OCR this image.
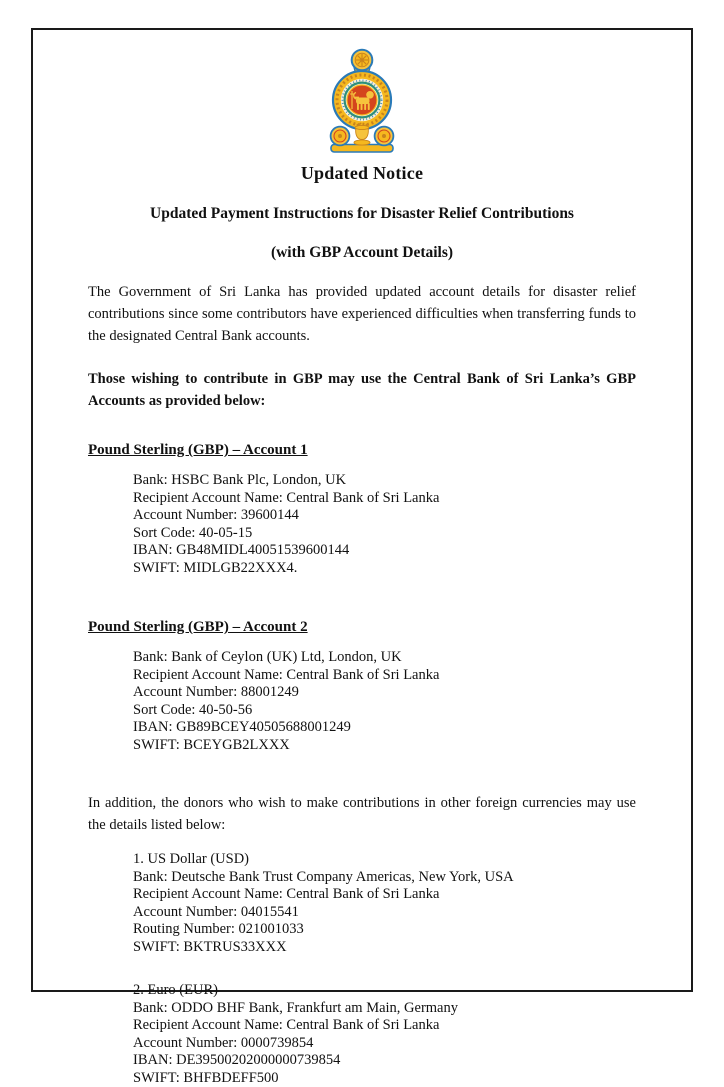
Updated Notice
Updated Payment Instructions for Disaster Relief Contributions
(with GBP Account Details)

The Government of Sri Lanka has provided updated account details for disaster relief contributions since some contributors have experienced difficulties when transferring funds to the designated Central Bank accounts.

Those wishing to contribute in GBP may use the Central Bank of Sri Lanka’s GBP Accounts as provided below:

Pound Sterling (GBP) – Account 1
Bank: HSBC Bank Plc, London, UK
Recipient Account Name: Central Bank of Sri Lanka
Account Number: 39600144
Sort Code: 40-05-15
IBAN: GB48MIDL40051539600144
SWIFT: MIDLGB22XXX4.
Pound Sterling (GBP) – Account 2
Bank: Bank of Ceylon (UK) Ltd, London, UK
Recipient Account Name: Central Bank of Sri Lanka
Account Number: 88001249
Sort Code: 40-50-56
IBAN: GB89BCEY40505688001249
SWIFT: BCEYGB2LXXX

In addition, the donors who wish to make contributions in other foreign currencies may use the details listed below:

1. US Dollar (USD)
Bank: Deutsche Bank Trust Company Americas, New York, USA
Recipient Account Name: Central Bank of Sri Lanka
Account Number: 04015541
Routing Number: 021001033
SWIFT: BKTRUS33XXX
2. Euro (EUR)
Bank: ODDO BHF Bank, Frankfurt am Main, Germany
Recipient Account Name: Central Bank of Sri Lanka
Account Number: 0000739854
IBAN: DE39500202000000739854
SWIFT: BHFBDEFF500
